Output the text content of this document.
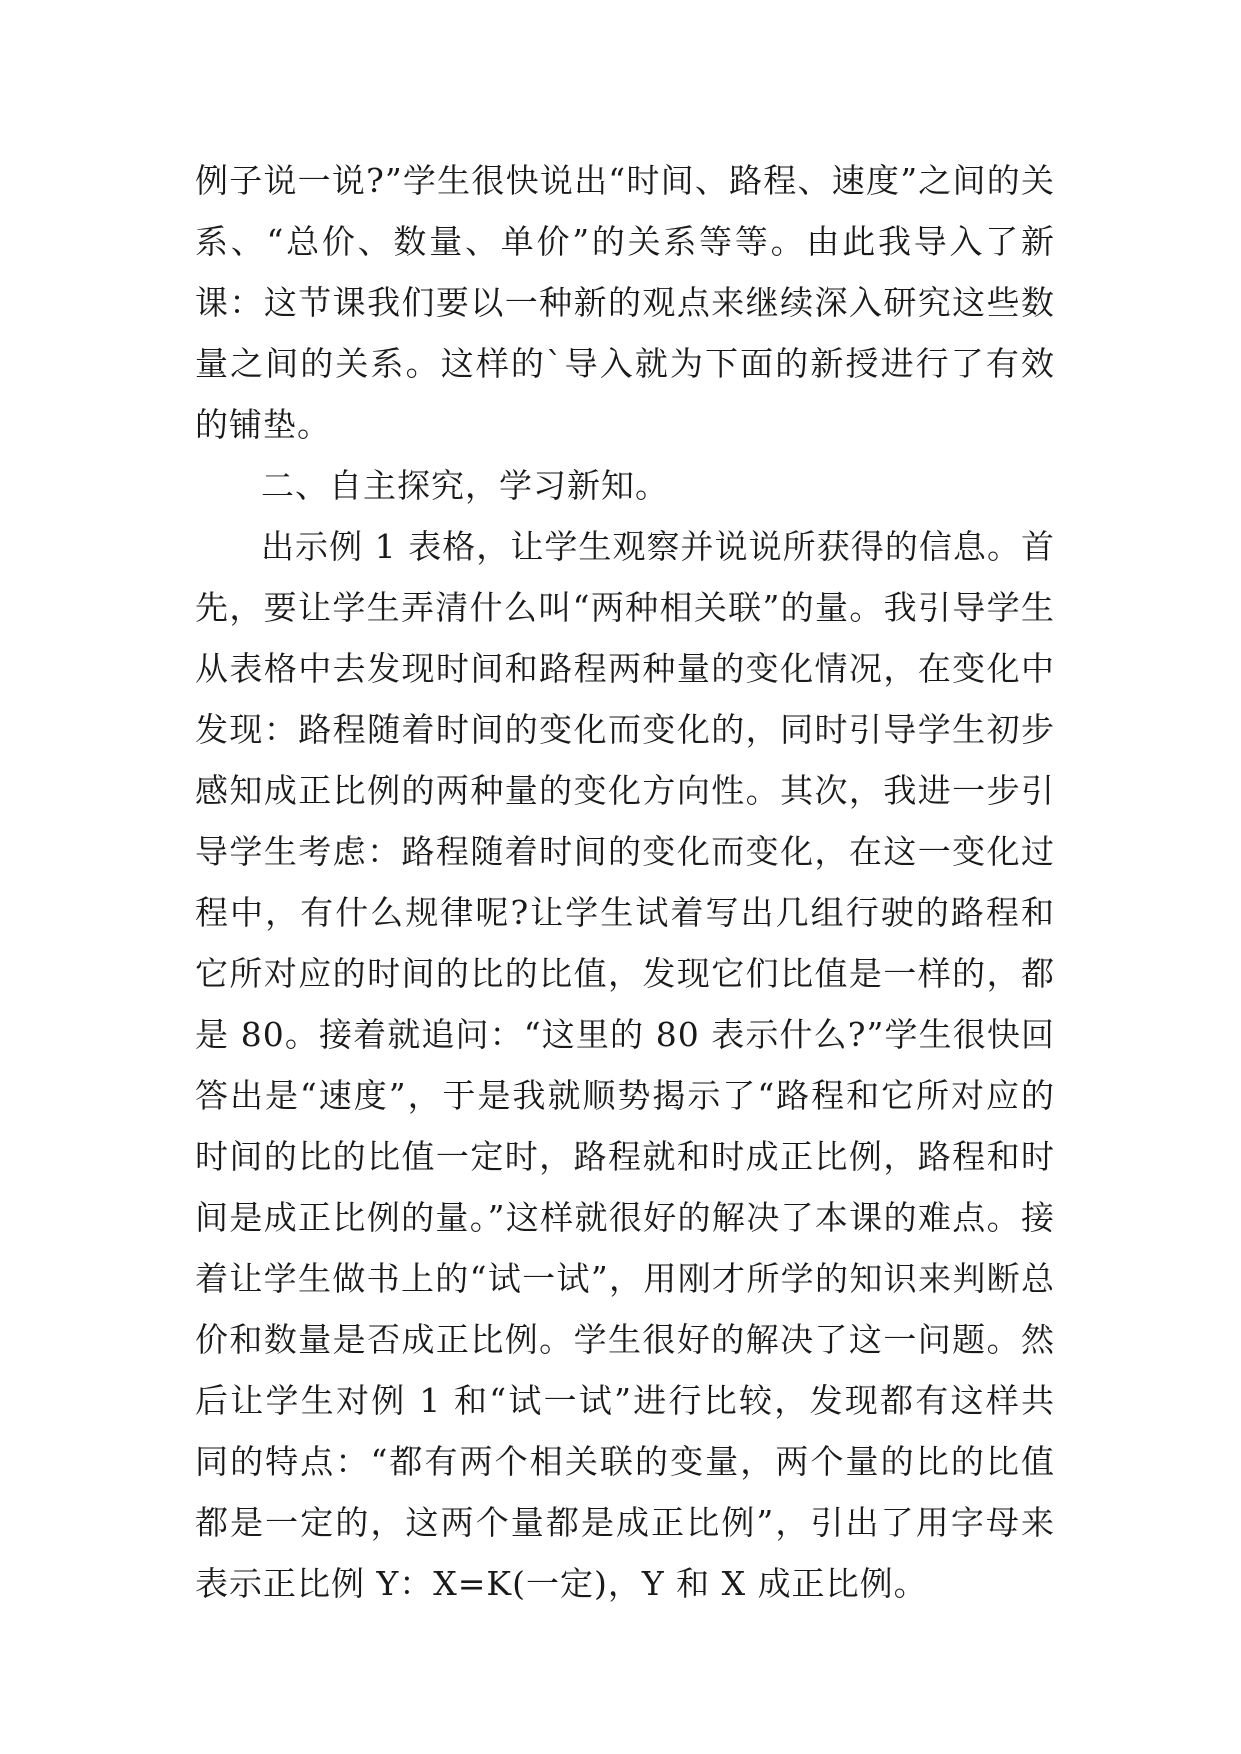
例子说一说?”学生很快说出“时间、路程、速度”之间的关系、“总价、数量、单价”的关系等等。由此我导入了新课：这节课我们要以一种新的观点来继续深入研究这些数量之间的关系。这样的`导入就为下面的新授进行了有效的铺垫。

二、自主探究，学习新知。

出示例 1 表格，让学生观察并说说所获得的信息。首先，要让学生弄清什么叫“两种相关联”的量。我引导学生从表格中去发现时间和路程两种量的变化情况，在变化中发现：路程随着时间的变化而变化的，同时引导学生初步感知成正比例的两种量的变化方向性。其次，我进一步引导学生考虑：路程随着时间的变化而变化，在这一变化过程中，有什么规律呢?让学生试着写出几组行驶的路程和它所对应的时间的比的比值，发现它们比值是一样的，都是 80。接着就追问：“这里的 80 表示什么?”学生很快回答出是“速度”，于是我就顺势揭示了“路程和它所对应的时间的比的比值一定时，路程就和时成正比例，路程和时间是成正比例的量。”这样就很好的解决了本课的难点。接着让学生做书上的“试一试”，用刚才所学的知识来判断总价和数量是否成正比例。学生很好的解决了这一问题。然后让学生对例 1 和“试一试”进行比较，发现都有这样共同的特点：“都有两个相关联的变量，两个量的比的比值都是一定的，这两个量都是成正比例”，引出了用字母来表示正比例 Y：X=K(一定)，Y 和 X 成正比例。
